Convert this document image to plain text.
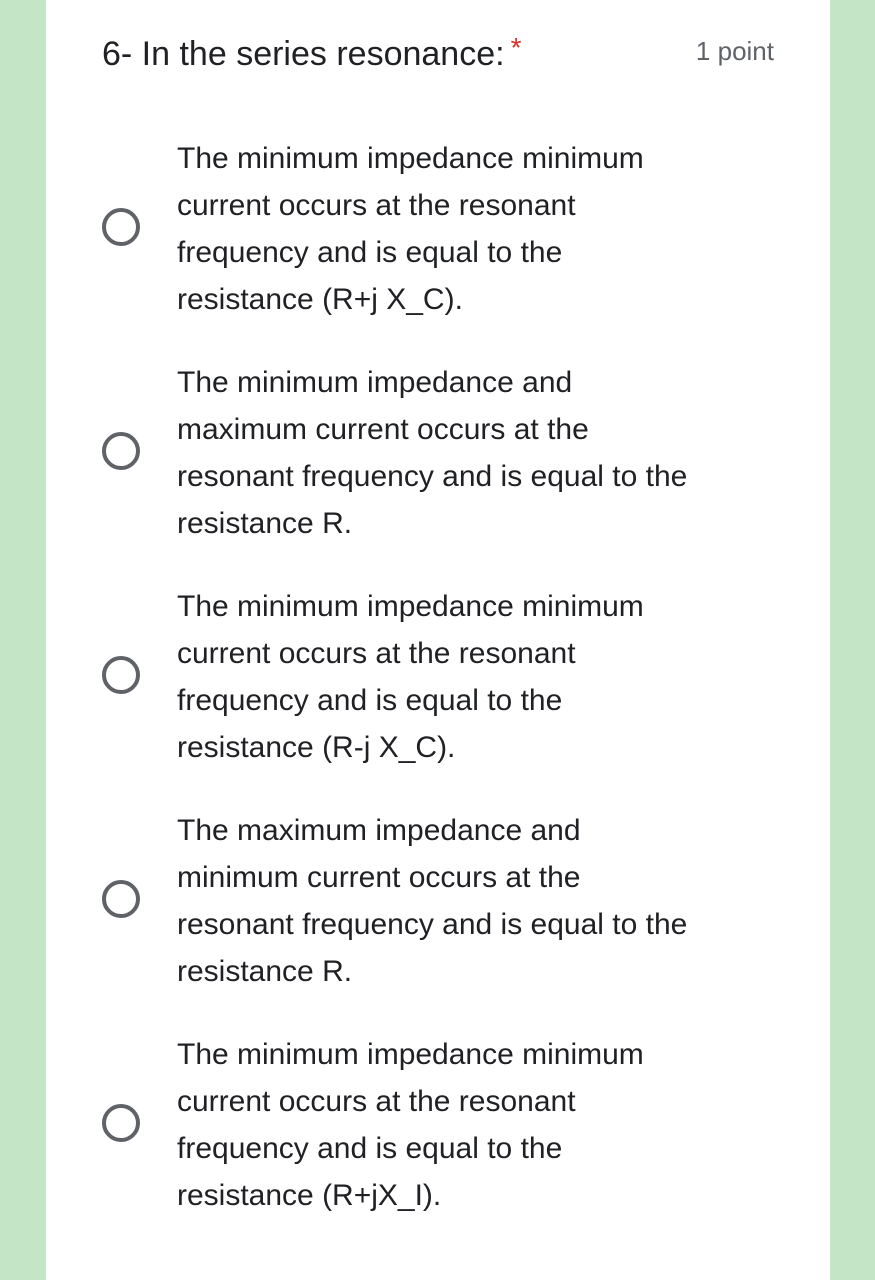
6- In the series resonance: *	1 point
The minimum impedance minimum
current occurs at the resonant
frequency and is equal to the
resistance (R+j X_C).
The minimum impedance and
maximum current occurs at the
resonant frequency and is equal to the
resistance R.
The minimum impedance minimum
current occurs at the resonant
frequency and is equal to the
resistance (R-j X_C).
The maximum impedance and
minimum current occurs at the
resonant frequency and is equal to the
resistance R.
The minimum impedance minimum
current occurs at the resonant
frequency and is equal to the
resistance (R+jX_I).
